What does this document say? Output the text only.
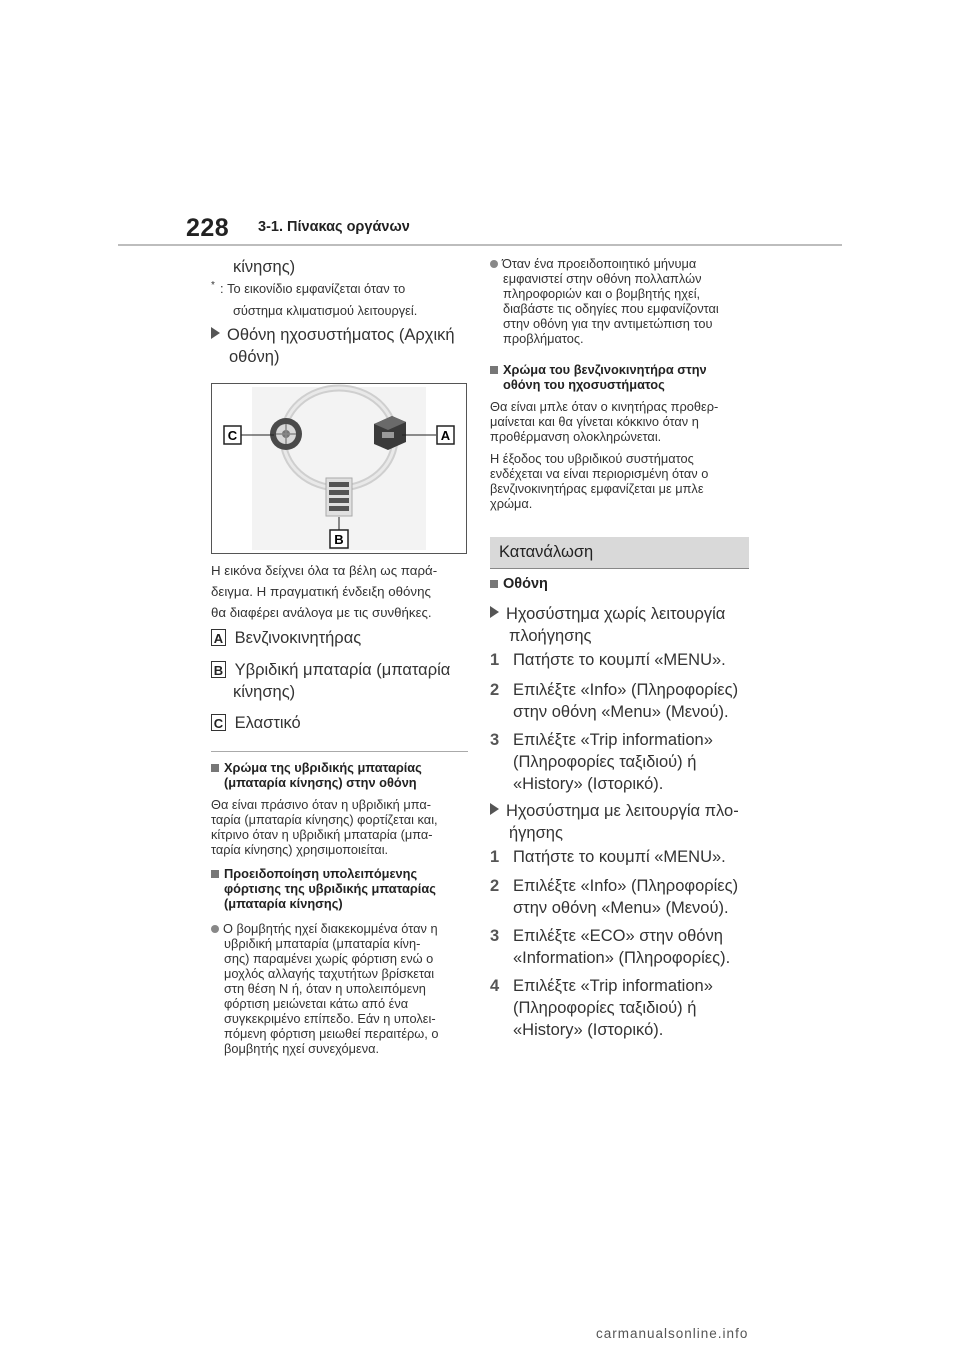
228 3-1. Πίνακας οργάνων
κίνησης)
* : Το εικονίδιο εμφανίζεται όταν το
σύστημα κλιματισμού λειτουργεί.
Οθόνη ηχοσυστήματος (Αρχική
οθόνη)
C	A
B
Η εικόνα δείχνει όλα τα βέλη ως παρά-
δειγμα. Η πραγματική ένδειξη οθόνης
θα διαφέρει ανάλογα με τις συνθήκες.
A Βενζινοκινητήρας
B Υβριδική μπαταρία (μπαταρία
κίνησης)
C Ελαστικό
Χρώμα της υβριδικής μπαταρίας
(μπαταρία κίνησης) στην οθόνη
Θα είναι πράσινο όταν η υβριδική μπα-
ταρία (μπαταρία κίνησης) φορτίζεται και,
κίτρινο όταν η υβριδική μπαταρία (μπα-
ταρία κίνησης) χρησιμοποιείται.
Προειδοποίηση υπολειπόμενης
φόρτισης της υβριδικής μπαταρίας
(μπαταρία κίνησης)
Ο βομβητής ηχεί διακεκομμένα όταν η
υβριδική μπαταρία (μπαταρία κίνη-
σης) παραμένει χωρίς φόρτιση ενώ ο
μοχλός αλλαγής ταχυτήτων βρίσκεται
στη θέση N ή, όταν η υπολειπόμενη
φόρτιση μειώνεται κάτω από ένα
συγκεκριμένο επίπεδο. Εάν η υπολει-
πόμενη φόρτιση μειωθεί περαιτέρω, ο
βομβητής ηχεί συνεχόμενα.
Όταν ένα προειδοποιητικό μήνυμα
εμφανιστεί στην οθόνη πολλαπλών
πληροφοριών και ο βομβητής ηχεί,
διαβάστε τις οδηγίες που εμφανίζονται
στην οθόνη για την αντιμετώπιση του
προβλήματος.
Χρώμα του βενζινοκινητήρα στην
οθόνη του ηχοσυστήματος
Θα είναι μπλε όταν ο κινητήρας προθερ-
μαίνεται και θα γίνεται κόκκινο όταν η
προθέρμανση ολοκληρώνεται.
Η έξοδος του υβριδικού συστήματος
ενδέχεται να είναι περιορισμένη όταν ο
βενζινοκινητήρας εμφανίζεται με μπλε
χρώμα.
Κατανάλωση
Οθόνη
Ηχοσύστημα χωρίς λειτουργία
πλοήγησης
1 Πατήστε το κουμπί «MENU».
2 Επιλέξτε «Info» (Πληροφορίες)
στην οθόνη «Menu» (Μενού).
3 Επιλέξτε «Trip information»
(Πληροφορίες ταξιδιού) ή
«History» (Ιστορικό).
Ηχοσύστημα με λειτουργία πλο-
ήγησης
1 Πατήστε το κουμπί «MENU».
2 Επιλέξτε «Info» (Πληροφορίες)
στην οθόνη «Menu» (Μενού).
3 Επιλέξτε «ECO» στην οθόνη
«Information» (Πληροφορίες).
4 Επιλέξτε «Trip information»
(Πληροφορίες ταξιδιού) ή
«History» (Ιστορικό).
carmanualsonline.info
